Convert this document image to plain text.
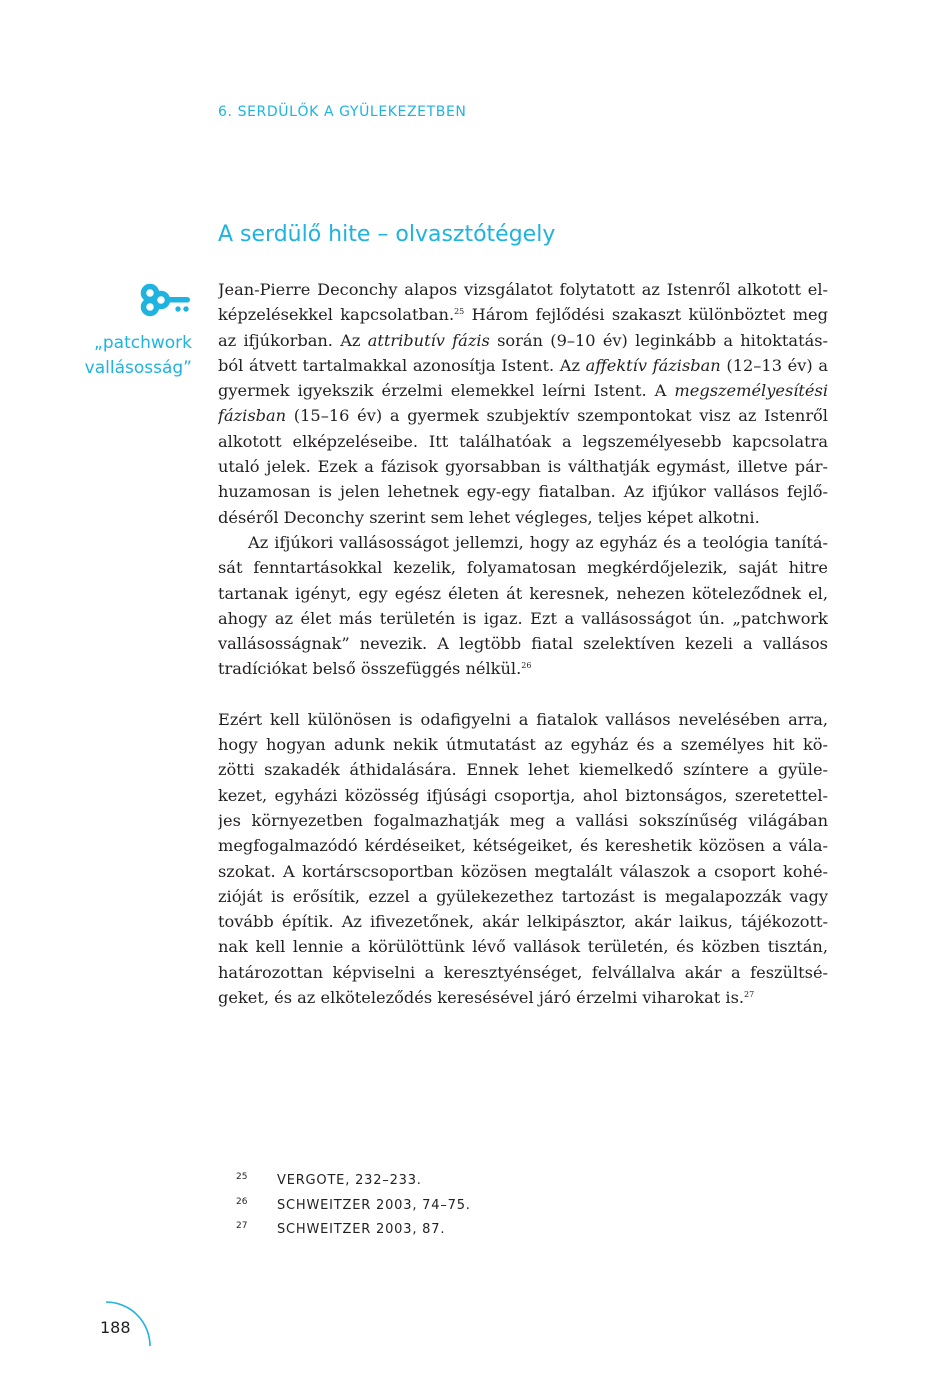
6. SERDÜLŐK A GYÜLEKEZETBEN
A serdülő hite – olvasztótégely
„patchwork
vallásosság”

Jean-Pierre Deconchy alapos vizsgálatot folytatott az Istenről alkotott el-
képzelésekkel kapcsolatban.$^{25}$ Három fejlődési szakaszt különböztet meg
az ifjúkorban. Az attributív fázis során (9–10 év) leginkább a hitoktatás-
ból átvett tartalmakkal azonosítja Istent. Az affektív fázisban (12–13 év) a
gyermek igyekszik érzelmi elemekkel leírni Istent. A megszemélyesítési
fázisban (15–16 év) a gyermek szubjektív szempontokat visz az Istenről
alkotott elképzeléseibe. Itt találhatóak a legszemélyesebb kapcsolatra
utaló jelek. Ezek a fázisok gyorsabban is válthatják egymást, illetve pár-
huzamosan is jelen lehetnek egy-egy fiatalban. Az ifjúkor vallásos fejlő-
déséről Deconchy szerint sem lehet végleges, teljes képet alkotni.

Az ifjúkori vallásosságot jellemzi, hogy az egyház és a teológia tanítá-
sát fenntartásokkal kezelik, folyamatosan megkérdőjelezik, saját hitre
tartanak igényt, egy egész életen át keresnek, nehezen köteleződnek el,
ahogy az élet más területén is igaz. Ezt a vallásosságot ún. „patchwork
vallásosságnak” nevezik. A legtöbb fiatal szelektíven kezeli a vallásos
tradíciókat belső összefüggés nélkül.$^{26}$

Ezért kell különösen is odafigyelni a fiatalok vallásos nevelésében arra,
hogy hogyan adunk nekik útmutatást az egyház és a személyes hit kö-
zötti szakadék áthidalására. Ennek lehet kiemelkedő színtere a gyüle-
kezet, egyházi közösség ifjúsági csoportja, ahol biztonságos, szeretettel-
jes környezetben fogalmazhatják meg a vallási sokszínűség világában
megfogalmazódó kérdéseiket, kétségeiket, és kereshetik közösen a vála-
szokat. A kortárscsoportban közösen megtalált válaszok a csoport kohé-
zióját is erősítik, ezzel a gyülekezethez tartozást is megalapozzák vagy
tovább építik. Az ifivezetőnek, akár lelkipásztor, akár laikus, tájékozott-
nak kell lennie a körülöttünk lévő vallások területén, és közben tisztán,
határozottan képviselni a keresztyénséget, felvállalva akár a feszültsé-
geket, és az elköteleződés keresésével járó érzelmi viharokat is.$^{27}$

25 VERGOTE, 232–233.
26 SCHWEITZER 2003, 74–75.
27 SCHWEITZER 2003, 87.
188
